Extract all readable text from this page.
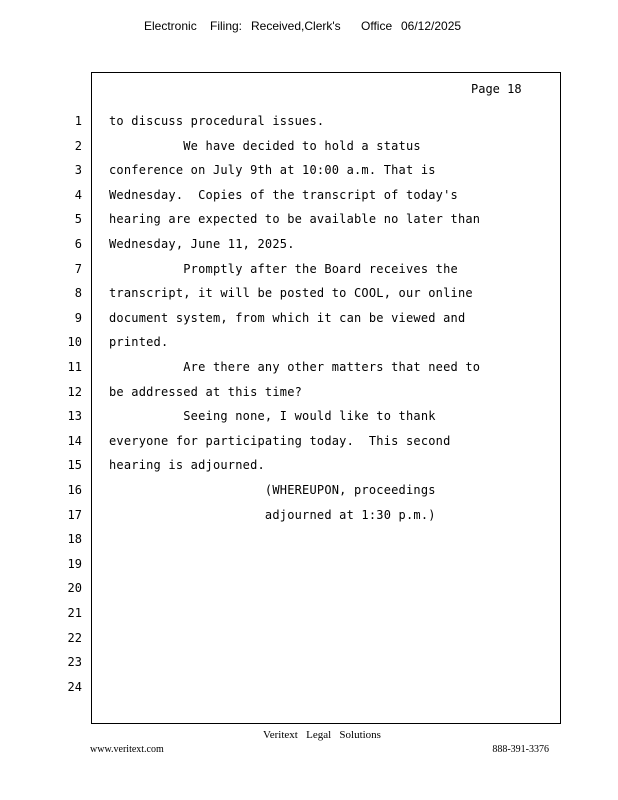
Electronic

Filing:

Received,Clerk's

Office

06/12/2025

Page 18
1 to discuss procedural issues.
2 We have decided to hold a status
3 conference on July 9th at 10:00 a.m. That is
4 Wednesday.  Copies of the transcript of today's
5 hearing are expected to be available no later than
6 Wednesday, June 11, 2025.
7 Promptly after the Board receives the
8 transcript, it will be posted to COOL, our online
9 document system, from which it can be viewed and
10 printed.
11 Are there any other matters that need to
12 be addressed at this time?
13 Seeing none, I would like to thank
14 everyone for participating today.  This second
15 hearing is adjourned.
16 (WHEREUPON, proceedings
17 adjourned at 1:30 p.m.)
18
19
20
21
22
23
24
Veritext   Legal   Solutions
www.veritext.com	888-391-3376
